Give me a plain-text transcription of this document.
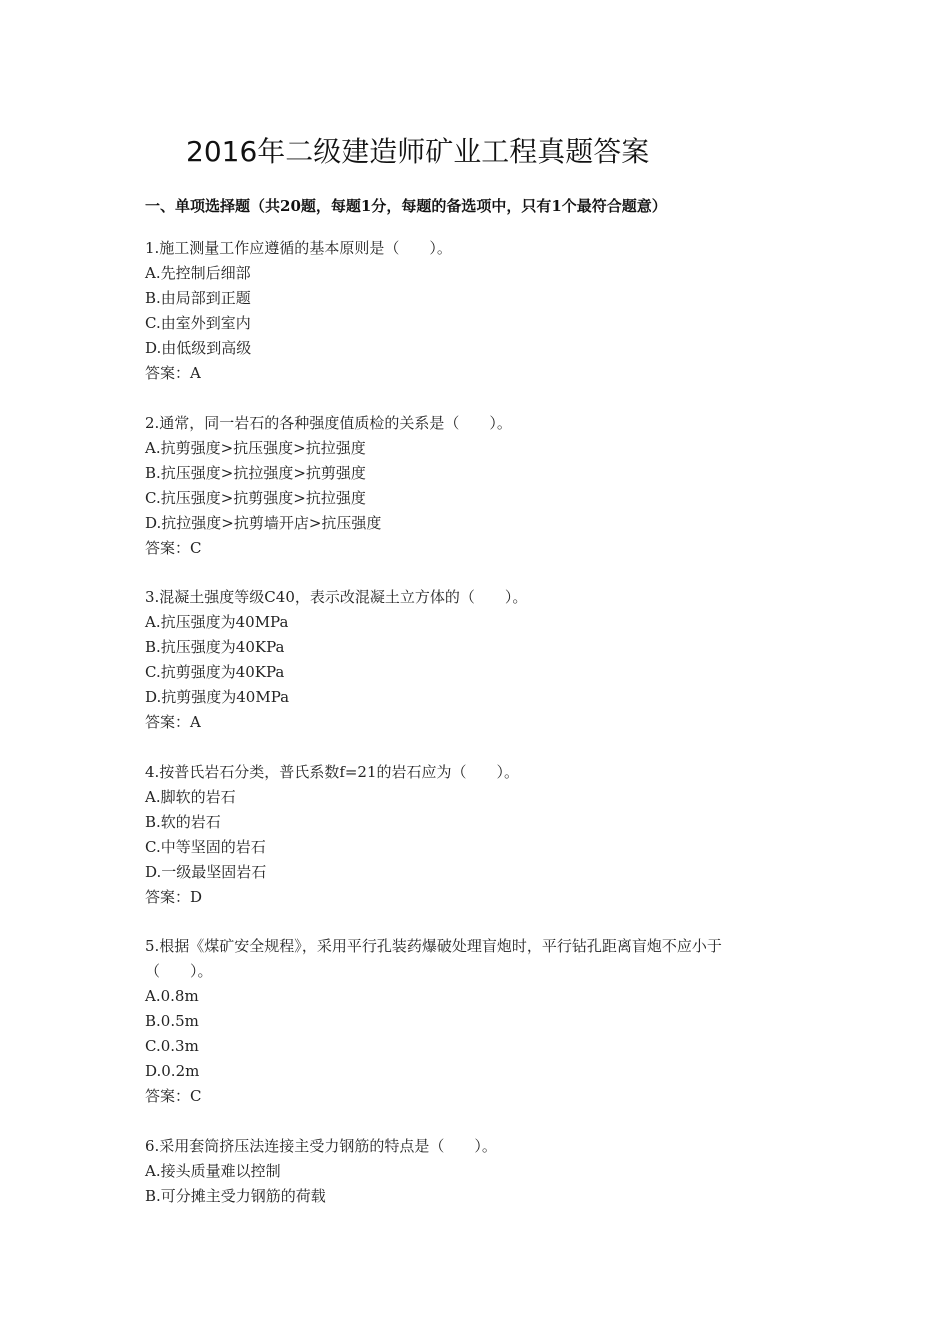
2016年二级建造师矿业工程真题答案
一、单项选择题（共20题，每题1分，每题的备选项中，只有1个最符合题意）

1.施工测量工作应遵循的基本原则是（　　）。

A.先控制后细部

B.由局部到正题

C.由室外到室内

D.由低级到高级

答案：A

2.通常，同一岩石的各种强度值质检的关系是（　　）。

A.抗剪强度>抗压强度>抗拉强度

B.抗压强度>抗拉强度>抗剪强度

C.抗压强度>抗剪强度>抗拉强度

D.抗拉强度>抗剪墙开店>抗压强度

答案：C

3.混凝土强度等级C40，表示改混凝土立方体的（　　）。

A.抗压强度为40MPa

B.抗压强度为40KPa

C.抗剪强度为40KPa

D.抗剪强度为40MPa

答案：A

4.按普氏岩石分类，普氏系数f=21的岩石应为（　　）。

A.脚软的岩石

B.软的岩石

C.中等坚固的岩石

D.一级最坚固岩石

答案：D

5.根据《煤矿安全规程》，采用平行孔装药爆破处理盲炮时，平行钻孔距离盲炮不应小于

（　　）。

A.0.8m

B.0.5m

C.0.3m

D.0.2m

答案：C

6.采用套筒挤压法连接主受力钢筋的特点是（　　）。

A.接头质量难以控制

B.可分摊主受力钢筋的荷载
